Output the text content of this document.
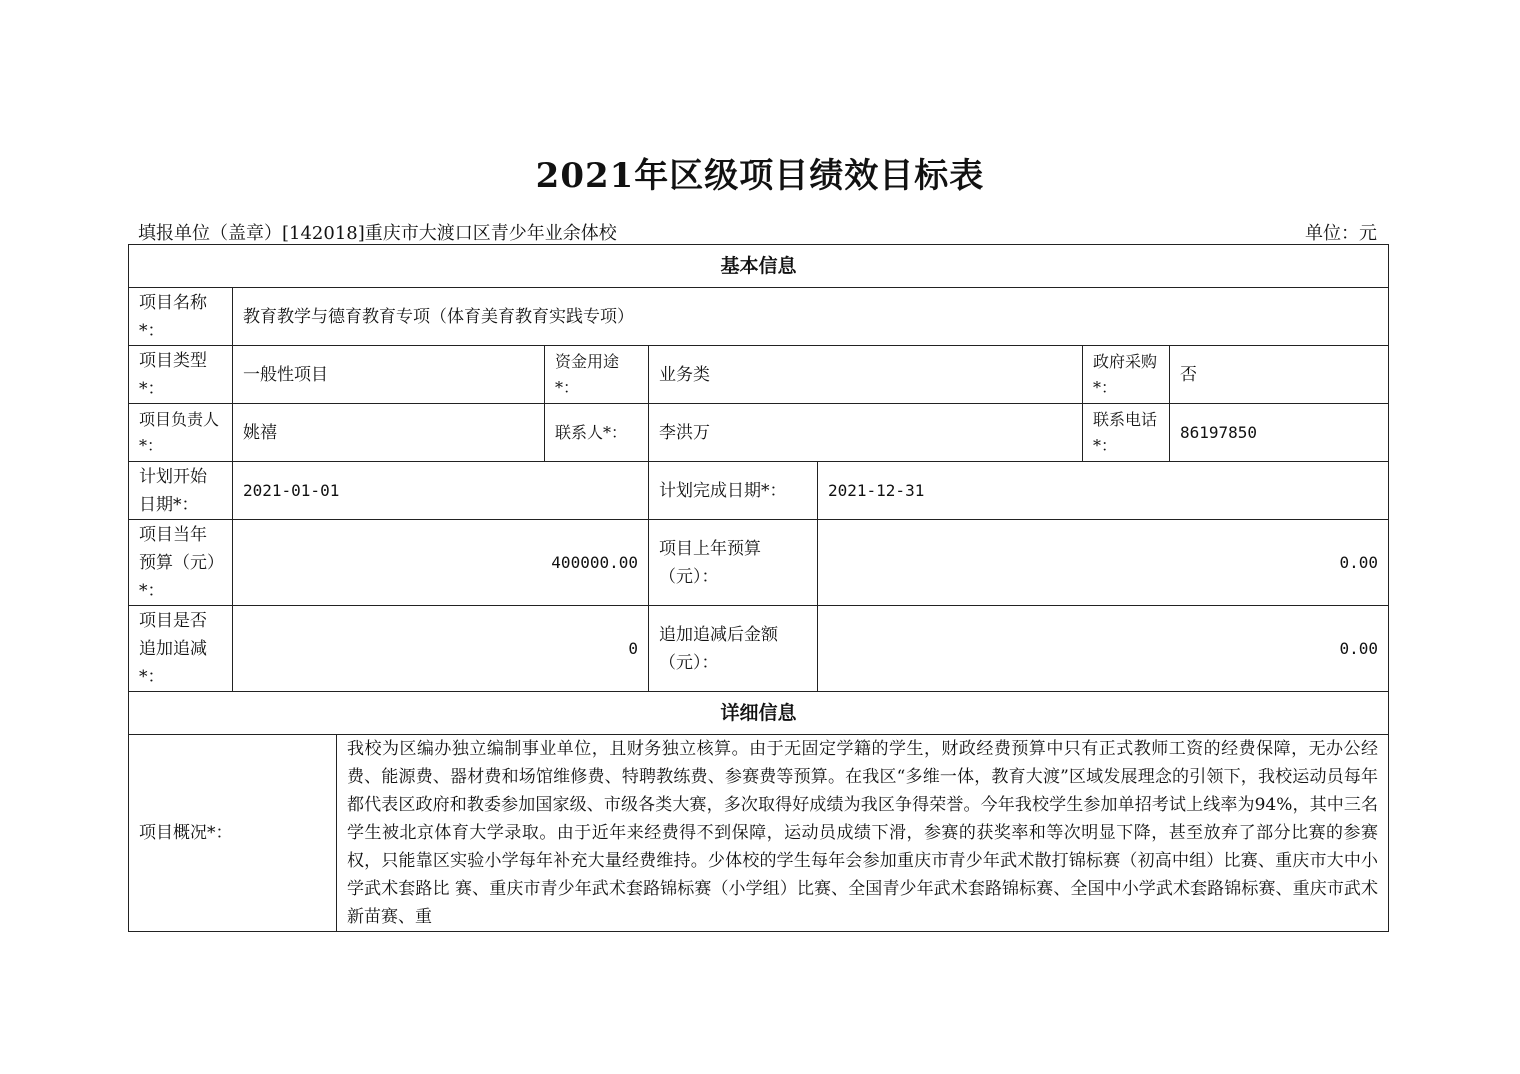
2021年区级项目绩效目标表
填报单位（盖章）[142018]重庆市大渡口区青少年业余体校	单位：元
基本信息							
项目名称*：	教育教学与德育教育专项（体育美育教育实践专项）						
项目类型*：	一般性项目		资金用途*：	业务类		政府采购*：	否
项目负责人*：	姚禧		联系人*：	李洪万		联系电话*：	86197850
计划开始日期*：	2021-01-01			计划完成日期*：	2021-12-31		
项目当年预算（元）*：	400000.00			项目上年预算（元）：	0.00		
项目是否追加追减*：	0			追加追减后金额（元）：	0.00		
详细信息							
项目概况*：		我校为区编办独立编制事业单位，且财务独立核算。由于无固定学籍的学生，财政经费预算中只有正式教师工资的经费保障，无办公经费、能源费、器材费和场馆维修费、特聘教练费、参赛费等预算。在我区“多维一体，教育大渡”区域发展理念的引领下，我校运动员每年都代表区政府和教委参加国家级、市级各类大赛，多次取得好成绩为我区争得荣誉。今年我校学生参加单招考试上线率为94%，其中三名学生被北京体育大学录取。由于近年来经费得不到保障，运动员成绩下滑，参赛的获奖率和等次明显下降，甚至放弃了部分比赛的参赛权，只能靠区实验小学每年补充大量经费维持。少体校的学生每年会参加重庆市青少年武术散打锦标赛（初高中组）比赛、重庆市大中小学武术套路比 赛、重庆市青少年武术套路锦标赛（小学组）比赛、全国青少年武术套路锦标赛、全国中小学武术套路锦标赛、重庆市武术新苗赛、重					
